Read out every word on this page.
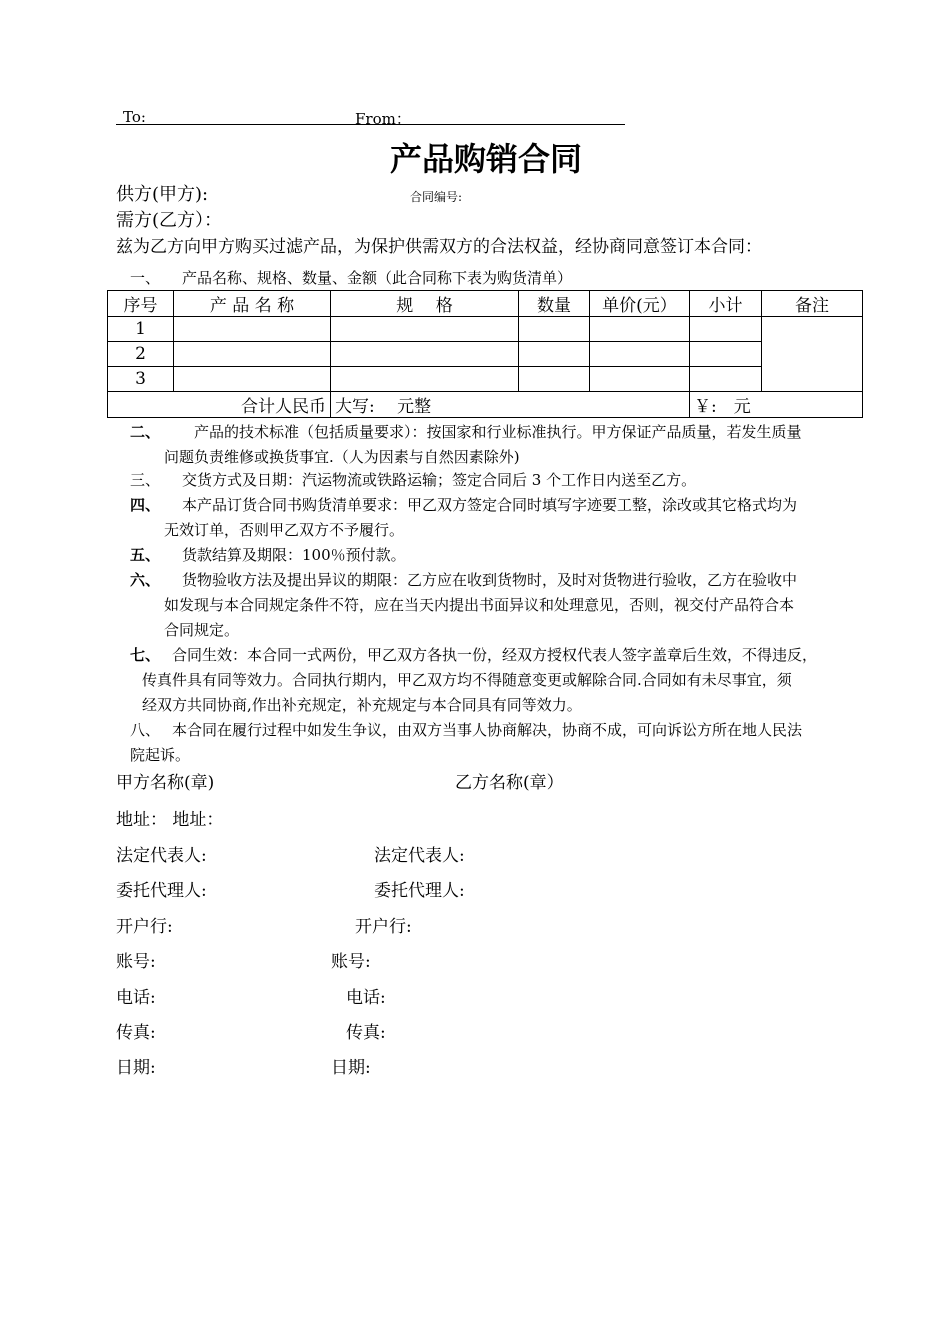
To:	From：
产品购销合同
供方(甲方):	合同编号:
需方(乙方）：
兹为乙方向甲方购买过滤产品，为保护供需双方的合法权益，经协商同意签订本合同：
一、 产品名称、规格、数量、金额（此合同称下表为购货清单）
序号	产 品 名 称	规　 格	数量	单价(元）	小计	备注
1						
2						
3						
合计人民币		大写:　 元整			￥:　元	
二、 产品的技术标准（包括质量要求）：按国家和行业标准执行。甲方保证产品质量，若发生质量
问题负责维修或换货事宜.（人为因素与自然因素除外)
三、 交货方式及日期：汽运物流或铁路运输；签定合同后 3 个工作日内送至乙方。
四、 本产品订货合同书购货清单要求：甲乙双方签定合同时填写字迹要工整，涂改或其它格式均为
无效订单，否则甲乙双方不予履行。
五、 货款结算及期限：100％预付款。
六、 货物验收方法及提出异议的期限：乙方应在收到货物时，及时对货物进行验收，乙方在验收中
如发现与本合同规定条件不符，应在当天内提出书面异议和处理意见，否则，视交付产品符合本
合同规定。
七、 合同生效：本合同一式两份，甲乙双方各执一份，经双方授权代表人签字盖章后生效，不得违反，
传真件具有同等效力。合同执行期内，甲乙双方均不得随意变更或解除合同.合同如有未尽事宜，须
经双方共同协商,作出补充规定，补充规定与本合同具有同等效力。
八、 本合同在履行过程中如发生争议，由双方当事人协商解决，协商不成，可向诉讼方所在地人民法
院起诉。
甲方名称(章)	乙方名称(章）
地址： 地址：
法定代表人:	法定代表人:
委托代理人:	委托代理人:
开户行:	开户行:
账号:	账号:
电话:	电话:
传真:	传真:
日期:	日期:
